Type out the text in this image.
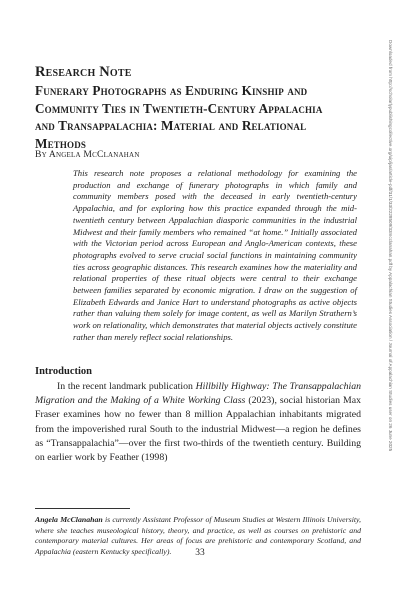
Research Note
Funerary Photographs as Enduring Kinship and Community Ties in Twentieth-Century Appalachia and Transappalachia: Material and Relational Methods
By Angela McClanahan

This research note proposes a relational methodology for examining the production and exchange of funerary photographs in which family and community members posed with the deceased in early twentieth-century Appalachia, and for exploring how this practice expanded through the mid-twentieth century between Appalachian diasporic communities in the industrial Midwest and their family members who remained “at home.” Initially associated with the Victorian period across European and Anglo-American contexts, these photographs evolved to serve crucial social functions in maintaining community ties across geographic distances. This research examines how the materiality and relational properties of these ritual objects were central to their exchange between families separated by economic migration. I draw on the suggestion of Elizabeth Edwards and Janice Hart to understand photographs as active objects rather than valuing them solely for image content, as well as Marilyn Strathern’s work on relationality, which demonstrates that material objects actively constitute rather than merely reflect social relationships.

Introduction

In the recent landmark publication Hillbilly Highway: The Transappalachian Migration and the Making of a White Working Class (2023), social historian Max Fraser examines how no fewer than 8 million Appalachian inhabitants migrated from the impoverished rural South to the industrial Midwest—a region he defines as “Transappalachia”—over the first two-thirds of the twentieth century. Building on earlier work by Feather (1998)

Angela McClanahan is currently Assistant Professor of Museum Studies at Western Illinois University, where she teaches museological history, theory, and practice, as well as courses on prehistoric and contemporary material cultures. Her areas of focus are prehistoric and contemporary Scotland, and Appalachia (eastern Kentucky specifically).	33
Downloaded from http://scholarlypublishingcollective.org/uip/jas/article-pdf/31/1/33/2228509/33mcclanahan.pdf by Appalachian Studies Association / Journal of Appalachian Studies user on 26 June 2025
